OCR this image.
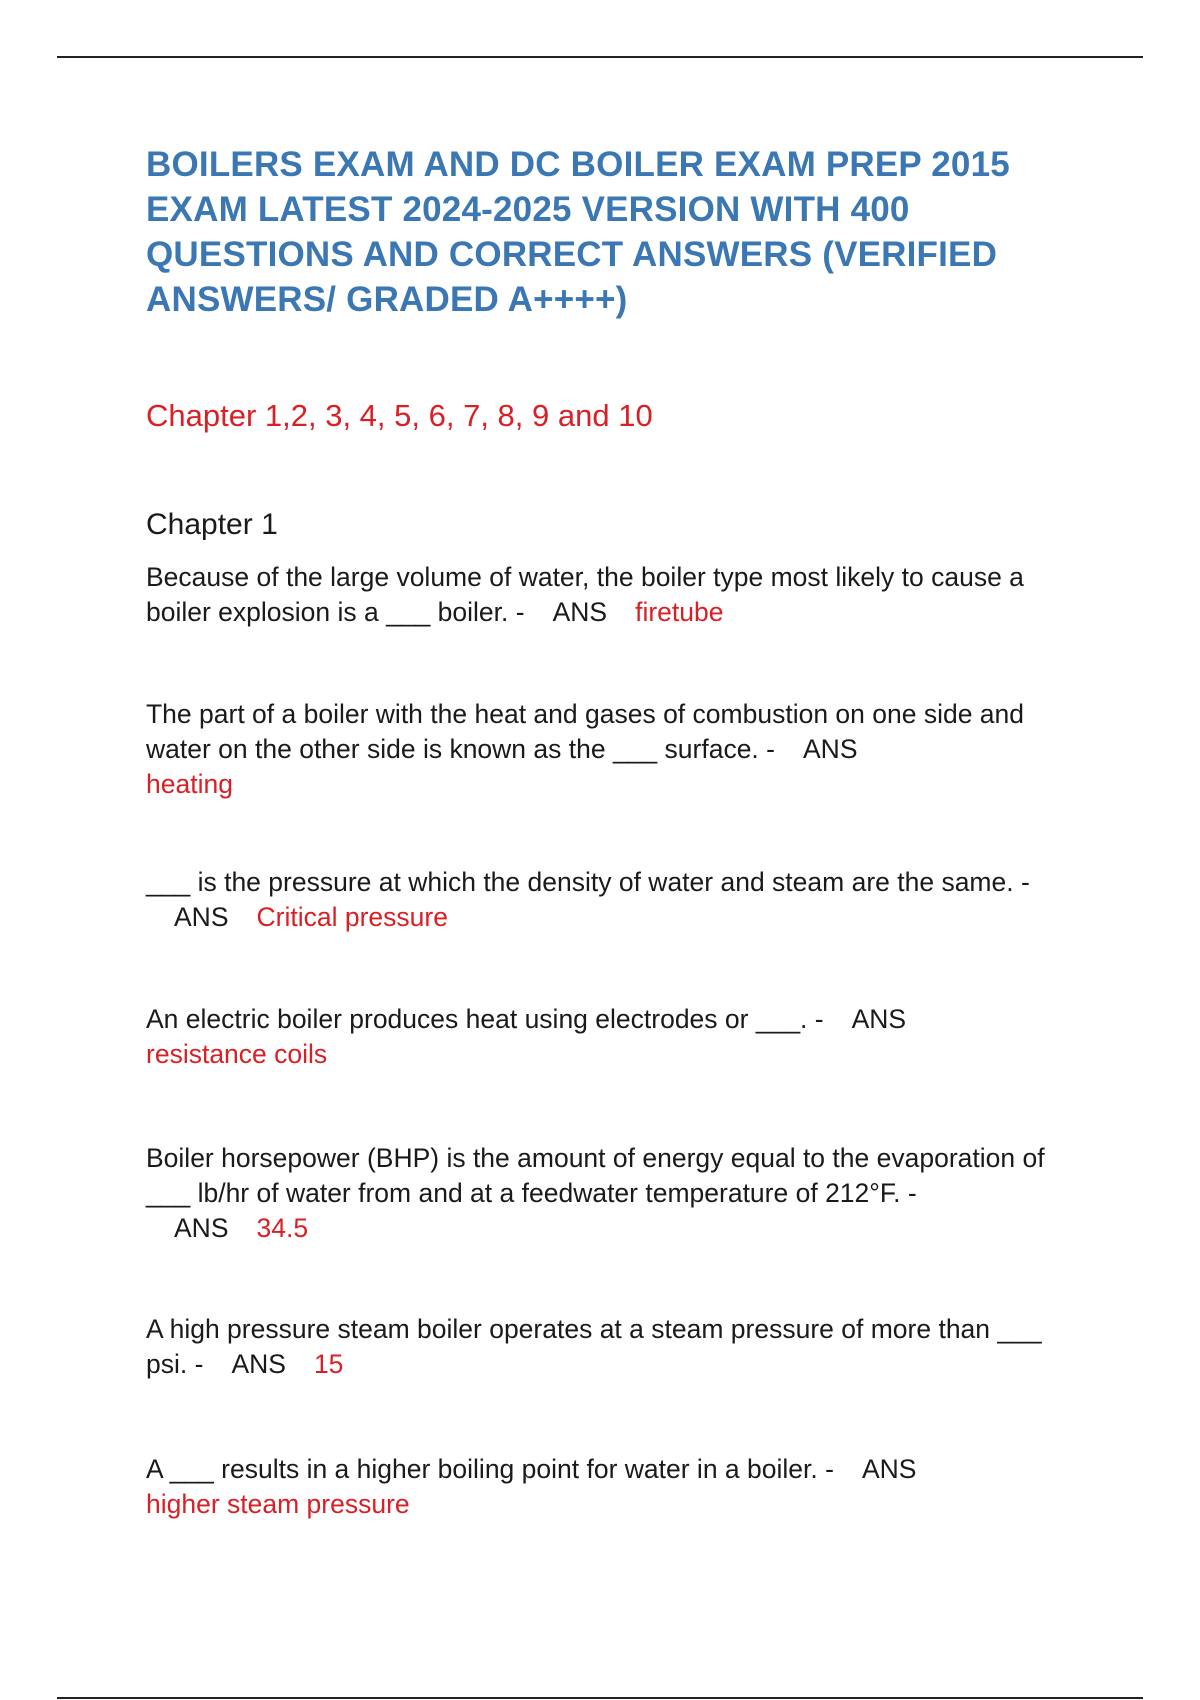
BOILERS EXAM AND DC BOILER EXAM PREP 2015 EXAM LATEST 2024-2025 VERSION WITH 400 QUESTIONS AND CORRECT ANSWERS (VERIFIED ANSWERS/ GRADED A++++)

Chapter 1,2, 3, 4, 5, 6, 7, 8, 9 and 10

Chapter 1

Because of the large volume of water, the boiler type most likely to cause a boiler explosion is a ___ boiler. - ANS firetube

The part of a boiler with the heat and gases of combustion on one side and water on the other side is known as the ___ surface. - ANS
heating

___ is the pressure at which the density of water and steam are the same. -ANS Critical pressure

An electric boiler produces heat using electrodes or ___. - ANS
resistance coils

Boiler horsepower (BHP) is the amount of energy equal to the evaporation of ___ lb/hr of water from and at a feedwater temperature of 212°F. -ANS 34.5

A high pressure steam boiler operates at a steam pressure of more than ___ psi. - ANS 15

A ___ results in a higher boiling point for water in a boiler. - ANS
higher steam pressure
